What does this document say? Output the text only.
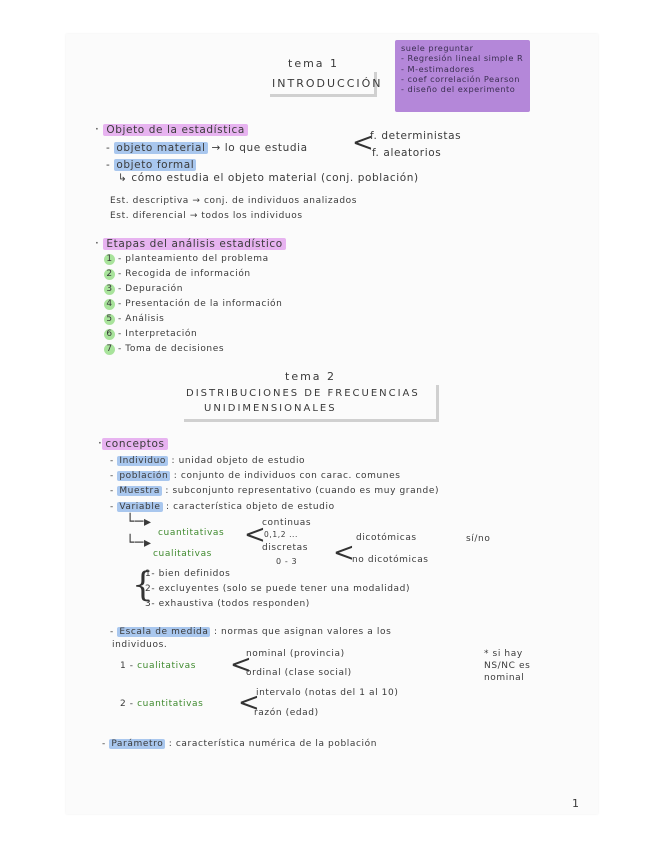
suele preguntar
- Regresión lineal simple R
- M-estimadores
- coef correlación Pearson
- diseño del experimento
tema 1
INTRODUCCIÓN
· Objeto de la estadística
- objeto material → lo que estudia <
f. deterministas
f. aleatorios
- objeto formal
↳ cómo estudia el objeto material (conj. población)
Est. descriptiva → conj. de individuos analizados
Est. diferencial → todos los individuos
· Etapas del análisis estadístico
1 - planteamiento del problema
2 - Recogida de información
3 - Depuración
4 - Presentación de la información
5 - Análisis
6 - Interpretación
7 - Toma de decisiones
tema 2
DISTRIBUCIONES DE FRECUENCIAS
UNIDIMENSIONALES
· conceptos
- Individuo : unidad objeto de estudio
- población : conjunto de individuos con carac. comunes
- Muestra : subconjunto representativo (cuando es muy grande)
- Variable : característica objeto de estudio
└─▸
└─▸
cuantitativas
cualitativas
<
continuas
0,1,2 ...
discretas
0 - 3 < dicotómicas	sí/no
no dicotómicas
{
1- bien definidos
2- excluyentes (solo se puede tener una modalidad)
3- exhaustiva (todos responden)
- Escala de medida : normas que asignan valores a los
individuos.
1 - cualitativas <
nominal (provincia)
ordinal (clase social)
* si hay
NS/NC es
nominal
2 - cuantitativas <
intervalo (notas del 1 al 10)
razón (edad)
- Parámetro : característica numérica de la población
1
